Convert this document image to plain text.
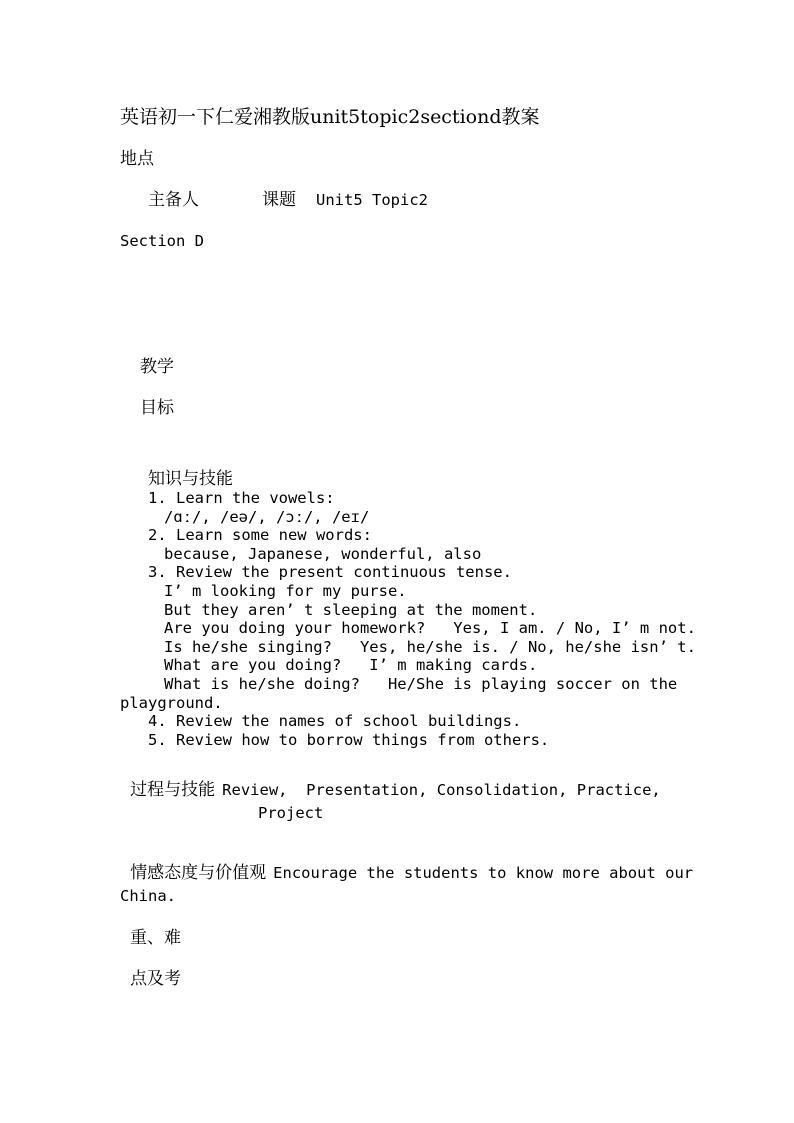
英语初一下仁爱湘教版unit5topic2sectiond教案
地点
主备人	课题 Unit5 Topic2
Section D
教学
目标
知识与技能
1. Learn the vowels:
/ɑː/, /eə/, /ɔː/, /eɪ/
2. Learn some new words:
because, Japanese, wonderful, also
3. Review the present continuous tense.
I’ m looking for my purse.
But they aren’ t sleeping at the moment.
Are you doing your homework?   Yes, I am. / No, I’ m not.
Is he/she singing?   Yes, he/she is. / No, he/she isn’ t.
What are you doing?   I’ m making cards.
What is he/she doing?   He/She is playing soccer on the
playground.
4. Review the names of school buildings.
5. Review how to borrow things from others.

过程与技能 Review,  Presentation, Consolidation, Practice,

Project

情感态度与价值观 Encourage the students to know more about our

China.
重、难
点及考
